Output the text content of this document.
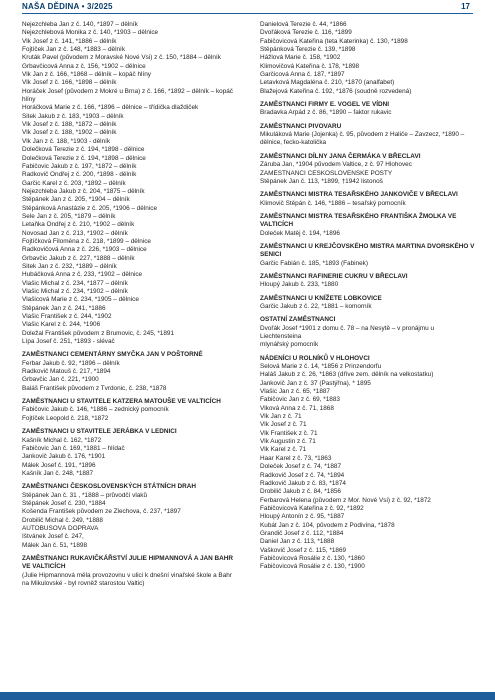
NAŠA DĚDINA • 3/2025	17

Nejezchleba Jan z č. 140, *1897 – dělník

Nejezchlebová Monika z č. 140, *1903 – dělnice

Vlk Josef z č. 141, *1886 – dělník

Fojtíček Jan z č. 148, *1883 – dělník

Kruták Pavel (původem z Moravské Nové Vsi) z č. 150, *1884 – dělník

Grbavčicová Anna z č. 156, *1902 – dělnice

Vlk Jan z č. 166, *1868 – dělník – kopáč hlíny

Vlk Josef z č. 166, *1898 – dělník

Horáček Josef (původem z Mokré u Brna) z č. 166, *1892 – dělník – kopáč hlíny

Horáčková Marie z č. 166, *1896 – dělnice – třídička dlaždiček

Sitek Jakub z č. 183, *1903 – dělník

Vlk Josef z č. 188, *1872 – dělník

Vlk Josef z č. 188, *1902 – dělník

Vlk Jan z č. 188, *1903 - dělník

Dolečková Terezie z č. 194, *1898 - dělnice

Dolečková Terezie z č. 194, *1898 – dělnice

Fabičovic Jakub z č. 197, *1872 – dělník

Radkovič Ondřej z č. 200, *1898 - dělník

Garčic Karel z č. 203, *1892 – dělník

Nejezchleba Jakub z č. 204, *1875 – dělník

Štěpánek Jan z č. 205, *1904 – dělník

Štěpánková Anastázie z č. 205, *1906 – dělnice

Šele Jan z č. 205, *1879 – dělník

Letaňka Ondřej z č. 210, *1902 – dělník

Novosad Jan z č. 213, *1902 – dělník

Fojtíčková Filoména z č. 218, *1899 – dělnice

Radkovičová Anna z č. 226, *1903 – dělnice

Grbavčic Jakub z č. 227, *1888 – dělník

Sitek Jan z č. 232, *1889 – dělník

Hubáčková Anna z č. 233, *1902 – dělnice

Vlašic Michal z č. 234, *1877 – dělník

Vlašic Michal z č. 234, *1902 – dělník

Vlašicová Marie z č. 234, *1905 – dělnice

Štěpánek Jan z č. 241, *1886

Vlašic František z č. 244, *1902

Vlašic Karel z č. 244, *1906

Doležal František původem z Brumovic, č. 245, *1891

Lípa Josef č. 251, *1893 - slévač

ZAMĚSTNANCI CEMENTÁRNY SMYČKA JAN V POŠTORNÉ

Ferbar Jakub č. 92, *1896 – dělník

Radkovič Matouš č. 217, *1894

Grbavčic Jan č. 221, *1900

Baláš František původem z Tvrdonic, č. 238, *1878

ZAMĚSTNANCI U STAVITELE KATZERA MATOUŠE VE VALTICÍCH

Fabičovic Jakub č. 146, *1886 – zednický pomocník

Fojtíček Leopold č. 218, *1872

ZAMĚSTNANCI U STAVITELE JERÁBKA V LEDNICI

Kašník Michal č. 162, *1872

Fabičovic Jan č. 169, *1881 – hlídač

Jankovič Jakub č. 176, *1901

Málek Josef č. 191, *1896

Kašník Jan č. 248, *1887

ZAMĚSTNANCI ČESKOSLOVENSKÝCH STÁTNÍCH DRAH

Štěpánek Jan č. 31 , *1888 – průvodčí vlaků

Štěpánek Josef č. 230, *1884

Košenda František původem ze Zlechova, č. 237, *1897

Drobilič Michal č. 249, *1888

AUTOBUSOVÁ DOPRAVA

Ištvánek Josef č. 247,

Málek Jan č. 51, *1898

ZAMĚSTNANCI RUKAVIČKÁŘSTVÍ JULIE HIPMANNOVÁ A JAN BAHR VE VALTICÍCH

(Julie Hipmannová měla provozovnu v ulici k dnešní vinařské škole a Bahr na Mikulovské - byl rovněž starostou Valtic)

Danielová Terezie č. 44, *1866

Dvořáková Terezie č. 116, *1899

Fabičovicová Kateřina (teta Katerinka) č. 130, *1898

Štěpánková Terezie č. 139, *1898

Hážlová Marie č. 158, *1902

Klimovičová Kateřina č. 178, *1898

Garčicová Anna č. 187, *1897

Letavková Magdaléna č. 210, *1870 (analfabet)

Blažejová Kateřina č. 192, *1876 (soudně rozvedená)

ZAMĚSTNANCI FIRMY E. VOGEL VE VÍDNI

Bradavka Arpád z č. 86, *1890 – faktor rukavic

ZAMĚSTNANCI PIVOVARU

Mikuláková Marie (Jojenka) č. 95, původem z Haliče – Zavzecz, *1890 – dělnice, fecko-katolička

ZAMĚSTNANCI DÍLNY JANA ČERMÁKA V BŘECLAVI

Záruba Jan, *1904 původem Valtice, z č. 97 Hlohovec

ZAMĚSTNANCI ČESKOSLOVENSKÉ POŠTY

Štěpánek Jan č. 113, *1899, †1942 listonoš

ZAMĚSTNANCI MISTRA TESAŘSKÉHO JANKOVIČE V BŘECLAVI

Klimovič Štěpán č. 146, *1886 – tesařský pomocník

ZAMĚSTNANCI MISTRA TESAŘSKÉHO FRANTIŠKA ŽMOLKA VE VALTICÍCH

Doleček Matěj č. 194, *1896

ZAMĚSTNANCI U KREJČOVSKÉHO MISTRA MARTINA DVORSKÉHO V SENICI

Garčic Fabián č. 185, *1893 (Fabinek)

ZAMĚSTNANCI RAFINERIE CUKRU V BŘECLAVI

Hloupý Jakub č. 233, *1880

ZAMĚSTNANCI U KNÍŽETE LOBKOVICE

Garčic Jakub z č. 22, *1881 – komorník

OSTATNÍ ZAMĚSTNANCI

Dvořák Josef *1901 z domu č. 78 – na Nesytě – v pronájmu u Liechtensteina

mlynářský pomocník

NÁDENÍCI U ROLNÍKŮ V HLOHOVCI

Šelová Marie z č. 14, *1856 z Prinzendorfu

Haláš Jakub z č. 26, *1863 (dříve zem. dělník na velkostatku)

Jankovič Jan z č. 37 (Pastýřna), * 1895

Vlašic Jan z č. 65, *1887

Fabičovic Jan z č. 69, *1883

Vlková Anna z č. 71, 1868

Vlk Jan z č. 71

Vlk Josef z č. 71

Vlk František z č. 71

Vlk Augustin z č. 71

Vlk Karel z č. 71

Haar Karel z č. 73, *1863

Doleček Josef z č. 74, *1887

Radkovič Josef z č. 74, *1894

Radkovič Jakub z č. 83, *1874

Drobilič Jakub z č. 84, *1856

Ferbarová Helena (původem z Mor. Nové Vsi) z č. 92, *1872

Fabičovicová Kateřina z č. 92, *1892

Hloupý Antonín z č. 95, *1887

Kubát Jan z č. 104, původem z Podivína, *1878

Grandič Josef z č. 112, *1884

Daniel Jan z č. 113, *1888

Vaškovič Josef z č. 115, *1869

Fabičovicová Rosálie z č. 130, *1860

Fabičovicová Rosálie z č. 130, *1900
